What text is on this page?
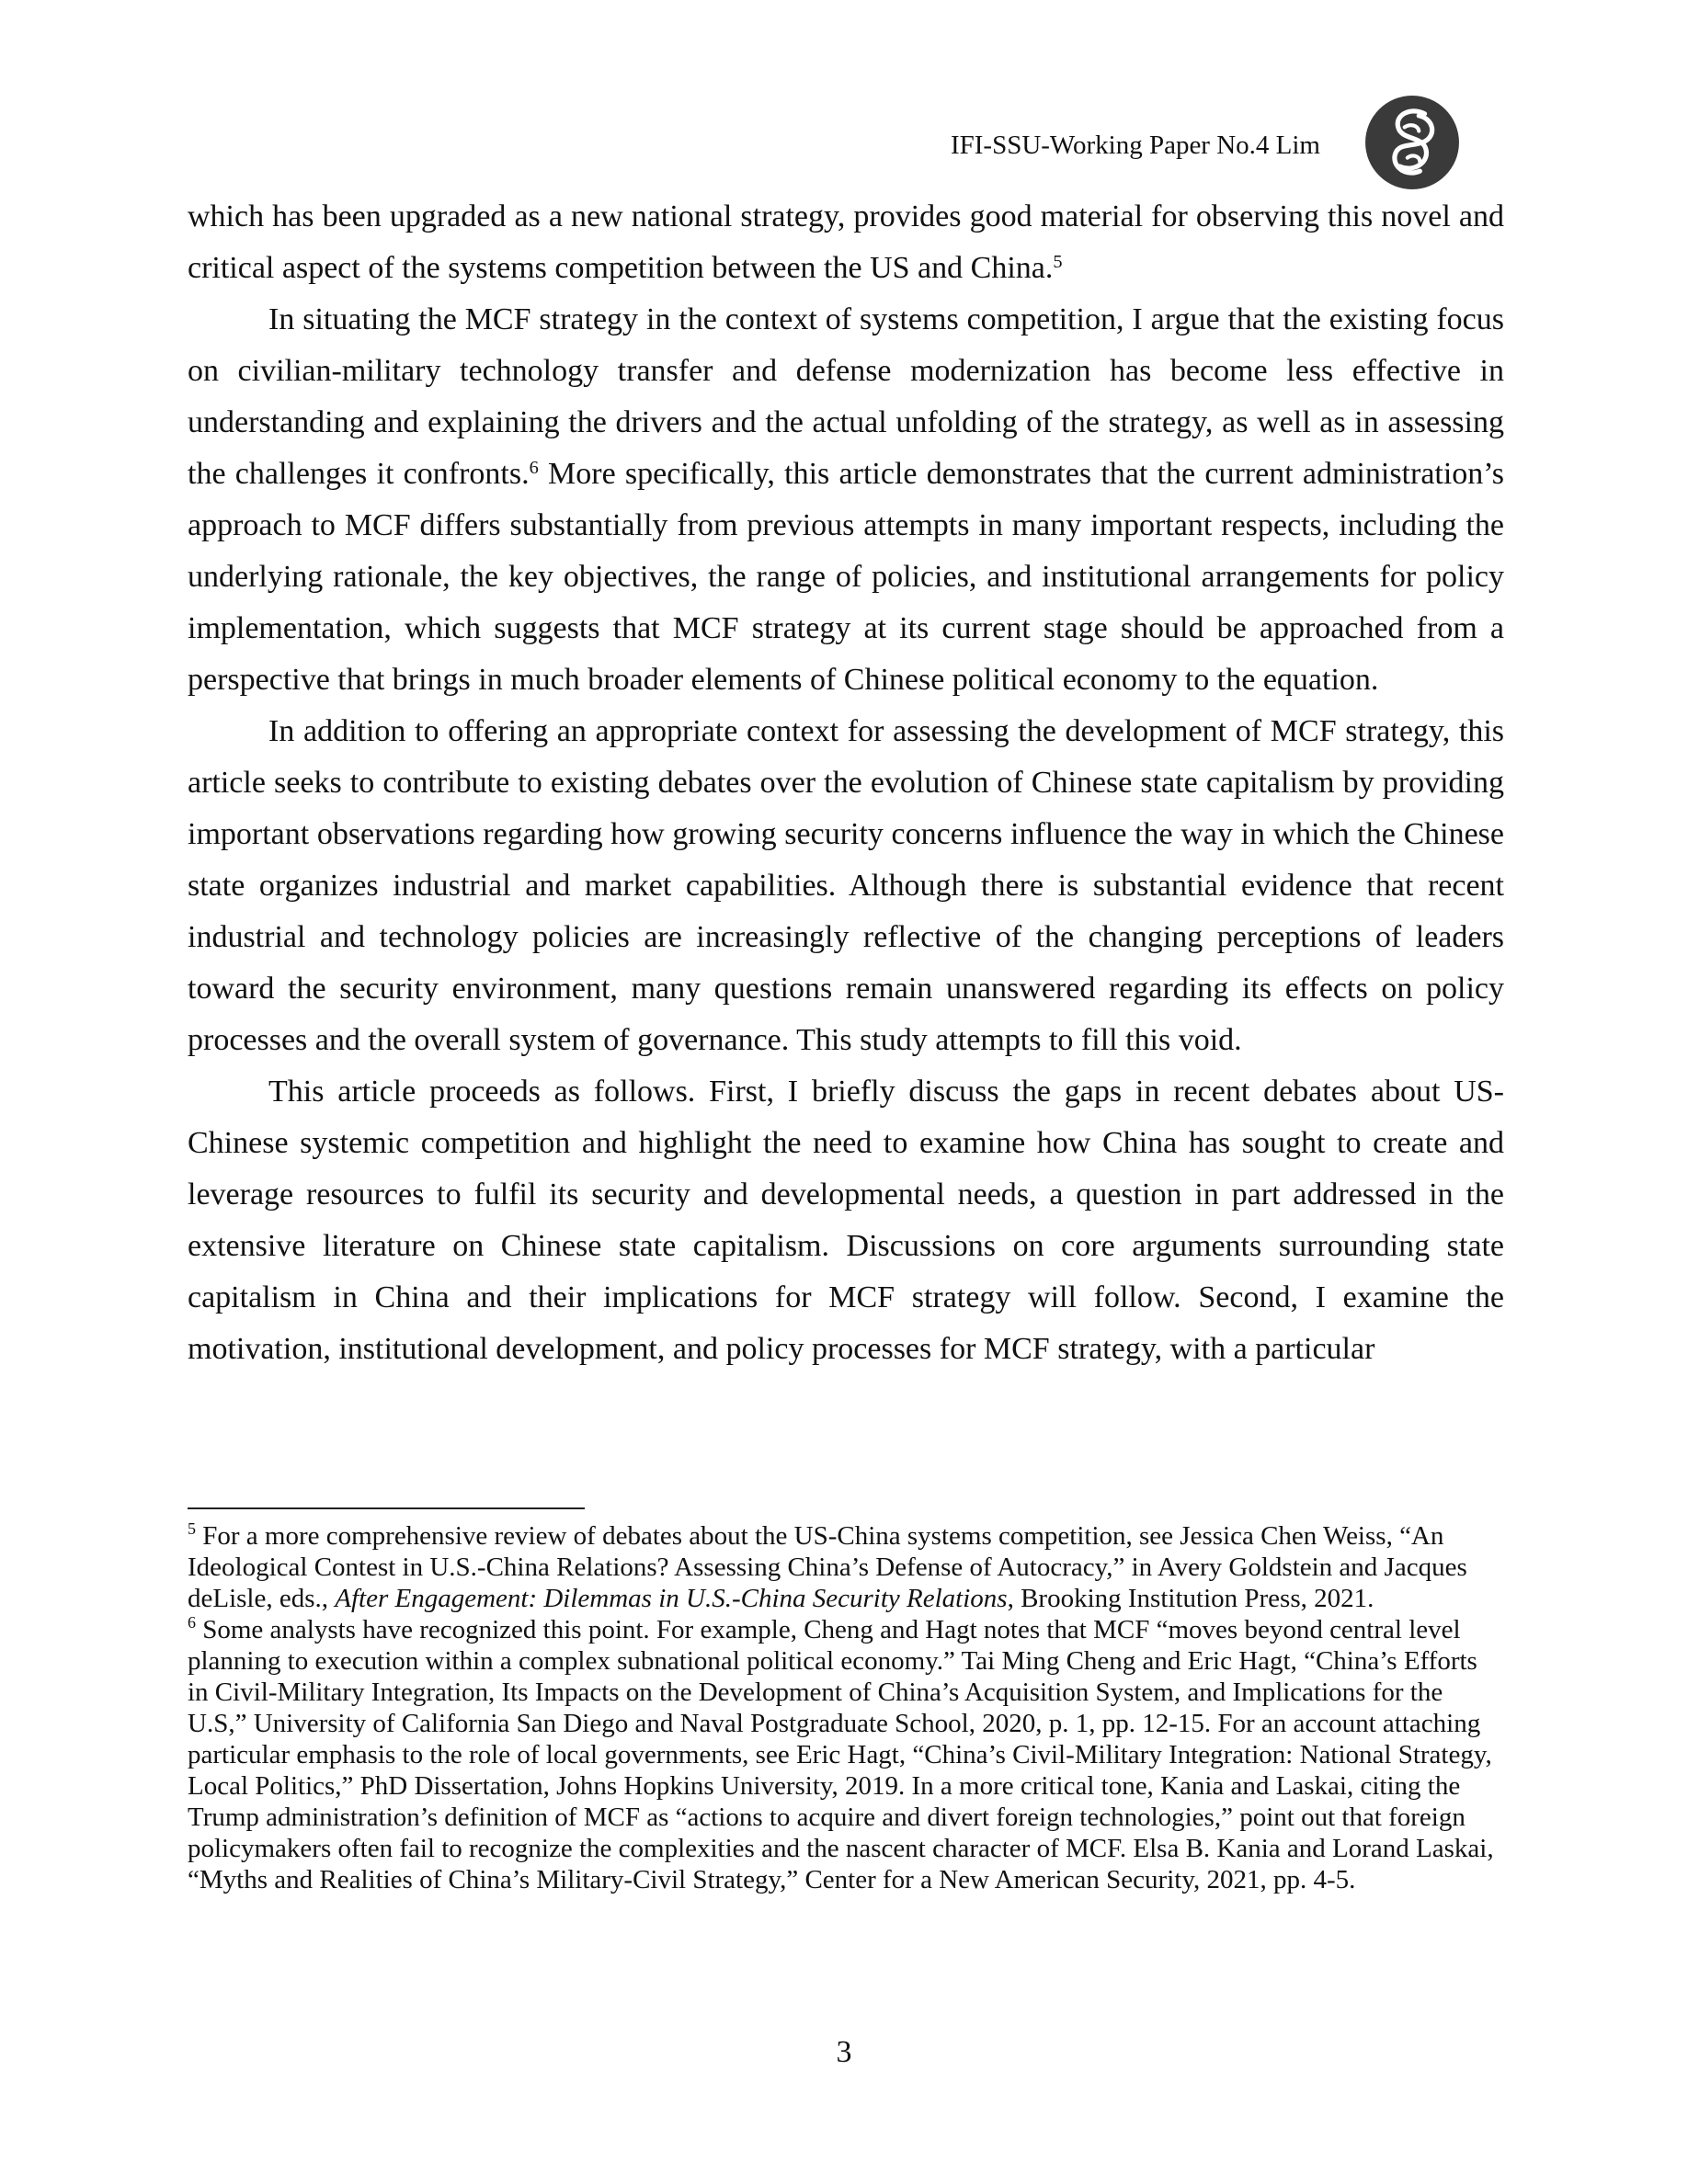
IFI-SSU-Working Paper No.4 Lim

which has been upgraded as a new national strategy, provides good material for observing this novel and critical aspect of the systems competition between the US and China.$^5$

In situating the MCF strategy in the context of systems competition, I argue that the existing focus on civilian-military technology transfer and defense modernization has become less effective in understanding and explaining the drivers and the actual unfolding of the strategy, as well as in assessing the challenges it confronts.$^6$ More specifically, this article demonstrates that the current administration’s approach to MCF differs substantially from previous attempts in many important respects, including the underlying rationale, the key objectives, the range of policies, and institutional arrangements for policy implementation, which suggests that MCF strategy at its current stage should be approached from a perspective that brings in much broader elements of Chinese political economy to the equation.

In addition to offering an appropriate context for assessing the development of MCF strategy, this article seeks to contribute to existing debates over the evolution of Chinese state capitalism by providing important observations regarding how growing security concerns influence the way in which the Chinese state organizes industrial and market capabilities. Although there is substantial evidence that recent industrial and technology policies are increasingly reflective of the changing perceptions of leaders toward the security environment, many questions remain unanswered regarding its effects on policy processes and the overall system of governance. This study attempts to fill this void.

This article proceeds as follows. First, I briefly discuss the gaps in recent debates about US-Chinese systemic competition and highlight the need to examine how China has sought to create and leverage resources to fulfil its security and developmental needs, a question in part addressed in the extensive literature on Chinese state capitalism. Discussions on core arguments surrounding state capitalism in China and their implications for MCF strategy will follow. Second, I examine the motivation, institutional development, and policy processes for MCF strategy, with a particular

$^5$ For a more comprehensive review of debates about the US-China systems competition, see Jessica Chen Weiss, “An Ideological Contest in U.S.-China Relations? Assessing China’s Defense of Autocracy,” in Avery Goldstein and Jacques deLisle, eds., After Engagement: Dilemmas in U.S.-China Security Relations, Brooking Institution Press, 2021.

$^6$ Some analysts have recognized this point. For example, Cheng and Hagt notes that MCF “moves beyond central level planning to execution within a complex subnational political economy.” Tai Ming Cheng and Eric Hagt, “China’s Efforts in Civil-Military Integration, Its Impacts on the Development of China’s Acquisition System, and Implications for the U.S,” University of California San Diego and Naval Postgraduate School, 2020, p. 1, pp. 12-15. For an account attaching particular emphasis to the role of local governments, see Eric Hagt, “China’s Civil-Military Integration: National Strategy, Local Politics,” PhD Dissertation, Johns Hopkins University, 2019. In a more critical tone, Kania and Laskai, citing the Trump administration’s definition of MCF as “actions to acquire and divert foreign technologies,” point out that foreign policymakers often fail to recognize the complexities and the nascent character of MCF. Elsa B. Kania and Lorand Laskai, “Myths and Realities of China’s Military-Civil Strategy,” Center for a New American Security, 2021, pp. 4-5.

3
